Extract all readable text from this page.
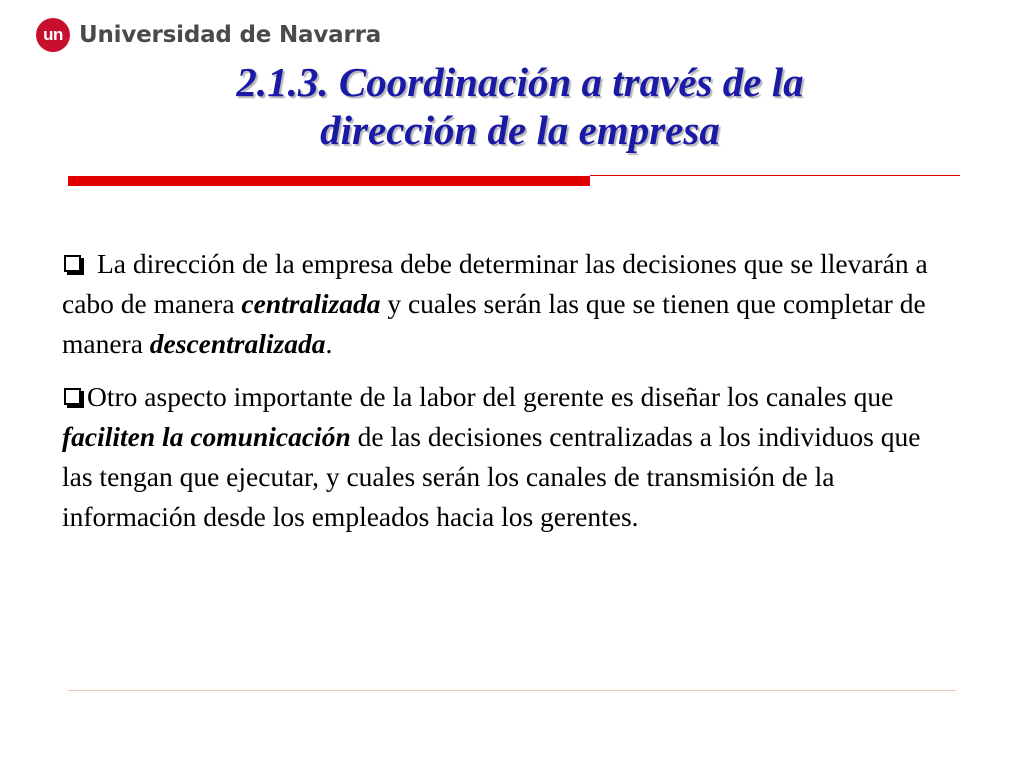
un Universidad de Navarra
2.1.3. Coordinación a través de la
dirección de la empresa

La dirección de la empresa debe determinar las decisiones que se llevarán a cabo de manera centralizada y cuales serán las que se tienen que completar de manera descentralizada.

Otro aspecto importante de la labor del gerente es diseñar los canales que faciliten la comunicación de las decisiones centralizadas a los individuos que las tengan que ejecutar, y cuales serán los canales de transmisión de la información desde los empleados hacia los gerentes.
